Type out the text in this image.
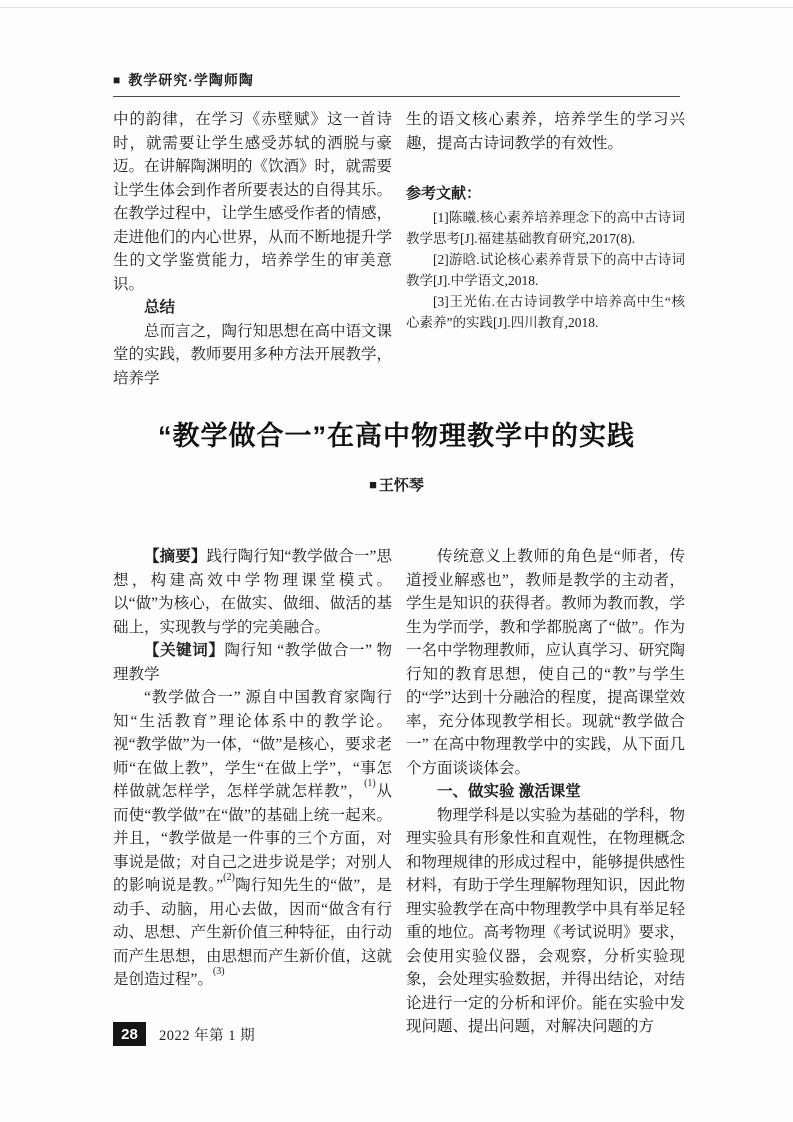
■ 教学研究·学陶师陶

中的韵律，在学习《赤壁赋》这一首诗时，就需要让学生感受苏轼的洒脱与豪迈。在讲解陶渊明的《饮酒》时，就需要让学生体会到作者所要表达的自得其乐。在教学过程中，让学生感受作者的情感，走进他们的内心世界，从而不断地提升学生的文学鉴赏能力，培养学生的审美意识。

总结

总而言之，陶行知思想在高中语文课堂的实践，教师要用多种方法开展教学，培养学

生的语文核心素养，培养学生的学习兴趣，提高古诗词教学的有效性。

参考文献：

[1]陈曦.核心素养培养理念下的高中古诗词教学思考[J].福建基础教育研究,2017(8).

[2]游晗.试论核心素养背景下的高中古诗词教学[J].中学语文,2018.

[3]王光佑.在古诗词教学中培养高中生“核心素养”的实践[J].四川教育,2018.

“教学做合一”在高中物理教学中的实践
■ 王怀琴

【摘要】践行陶行知“教学做合一”思想，构建高效中学物理课堂模式。以“做”为核心，在做实、做细、做活的基础上，实现教与学的完美融合。

【关键词】陶行知 “教学做合一” 物理教学

“教学做合一” 源自中国教育家陶行知“生活教育”理论体系中的教学论。视“教学做”为一体，“做”是核心，要求老师“在做上教”，学生“在做上学”，“事怎样做就怎样学，怎样学就怎样教”，$^{(1)}$从而使“教学做”在“做”的基础上统一起来。并且，“教学做是一件事的三个方面，对事说是做；对自己之进步说是学；对别人的影响说是教。”$^{(2)}$陶行知先生的“做”，是动手、动脑，用心去做，因而“做含有行动、思想、产生新价值三种特征，由行动而产生思想，由思想而产生新价值，这就是创造过程”。$^{(3)}$

传统意义上教师的角色是“师者，传道授业解惑也”，教师是教学的主动者，学生是知识的获得者。教师为教而教，学生为学而学，教和学都脱离了“做”。作为一名中学物理教师，应认真学习、研究陶行知的教育思想，使自己的“教”与学生的“学”达到十分融洽的程度，提高课堂效率，充分体现教学相长。现就“教学做合一” 在高中物理教学中的实践，从下面几个方面谈谈体会。

一、做实验 激活课堂

物理学科是以实验为基础的学科，物理实验具有形象性和直观性，在物理概念和物理规律的形成过程中，能够提供感性材料，有助于学生理解物理知识，因此物理实验教学在高中物理教学中具有举足轻重的地位。高考物理《考试说明》要求，会使用实验仪器，会观察，分析实验现象，会处理实验数据，并得出结论，对结论进行一定的分析和评价。能在实验中发现问题、提出问题，对解决问题的方

28	2022 年第 1 期
